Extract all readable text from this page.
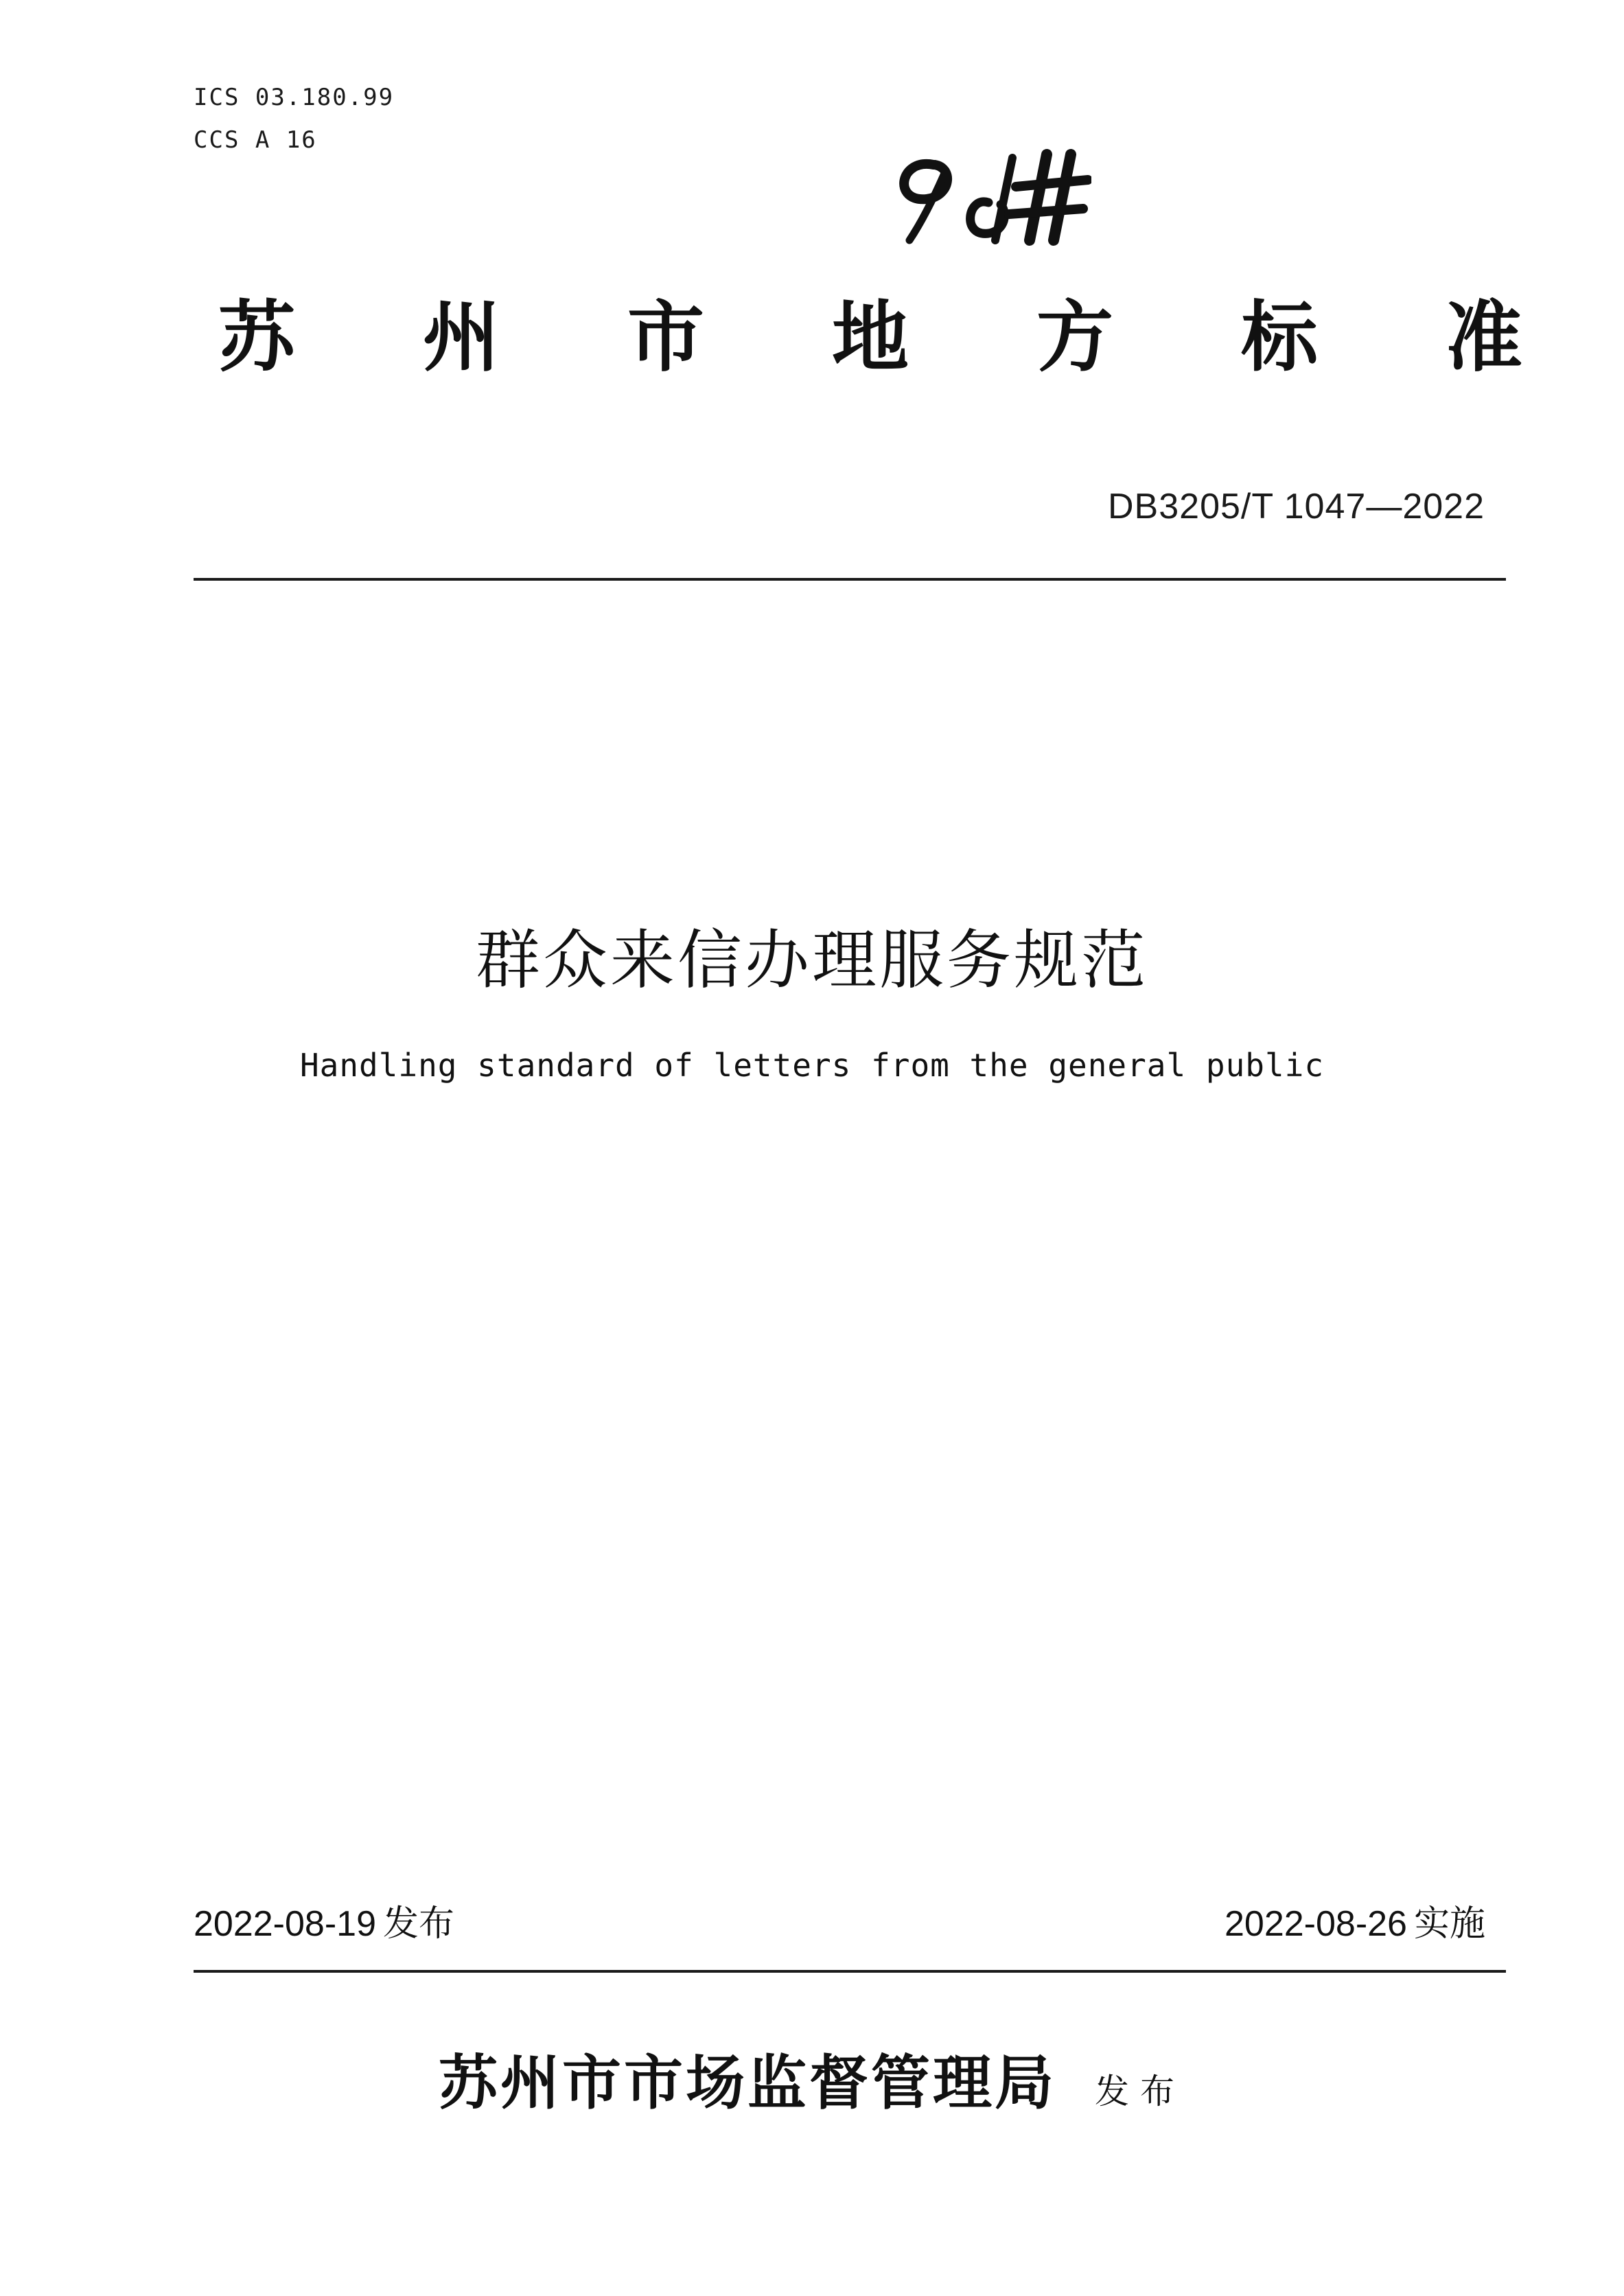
ICS 03.180.99
CCS A 16
苏 州 市 地 方 标 准
DB3205/T 1047—2022
群众来信办理服务规范
Handling standard of letters from the general public
2022-08-19 发布	2022-08-26 实施
苏州市市场监督管理局 发布
